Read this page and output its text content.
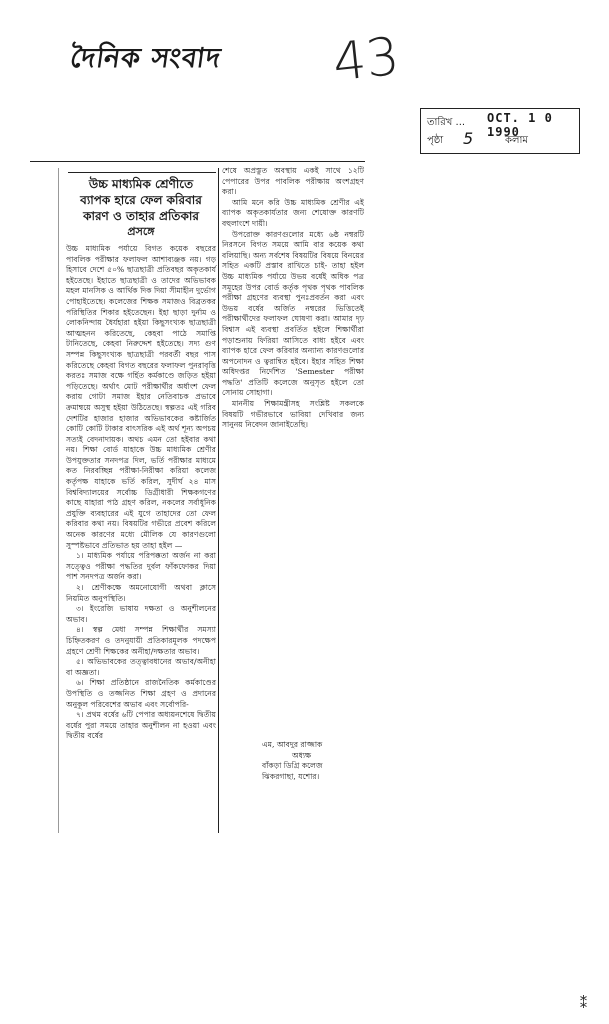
দৈনিক সংবাদ 43
তারিখ ... OCT. 1 0 1990
পৃষ্ঠা 5	কলাম
উচ্চ মাধ্যমিক শ্রেণীতে
ব্যাপক হারে ফেল করিবার
কারণ ও তাহার প্রতিকার
প্রসঙ্গে

উচ্চ মাধ্যমিক পর্যায়ে বিগত কয়েক বছরের পাবলিক পরীক্ষার ফলাফল আশাব্যঞ্জক নয়। গড় হিসাবে দেশে ৫০% ছাত্রছাত্রী প্রতিবছর অকৃতকার্য হইতেছে। ইহাতে ছাত্রছাত্রী ও তাদের অভিভাবক মহল মানসিক ও আর্থিক দিক দিয়া সীমাহীন দুর্ভোগ পোহাইতেছে। কলেজের শিক্ষক সমাজও বিব্রতকর পরিস্থিতির শিকার হইতেছেন। ইহা ছাড়া দুর্নাম ও লোকনিন্দায় ধৈর্যহারা হইয়া কিছুসংখ্যক ছাত্রছাত্রী আত্মহনন করিতেছে, কেহবা পাঠে সমাপ্তি টানিতেছে, কেহবা নিরুদ্দেশ হইতেছে। সদ্য গুণ সম্পন্ন কিছুসংখ্যক ছাত্রছাত্রী পরবর্তী বছর পাস করিতেছে কেহবা বিগত বছরের ফলাফল পুনরাবৃত্তি করতঃ সমাজ বক্ষে গর্হিত কর্মকাণ্ডে জড়িত হইয়া পড়িতেছে। অর্থাৎ মোট পরীক্ষার্থীর অর্ধাংশ ফেল করায় গোটা সমাজ ইহার নেতিবাচক প্রভাবে ক্রমাম্বয়ে অসুস্থ হইয়া উঠিতেছে। স্বল্পতঃ এই গরিব দেশটির হাজার হাজার অভিভাবকের কষ্টার্জিত কোটি কোটি টাকার বাৎসরিক এই অর্থ শূন্য অপচয় সত্যই বেদনাদায়ক। অথচ এমন তো হইবার কথা নয়। শিক্ষা বোর্ড যাহাকে উচ্চ মাধ্যমিক শ্রেণীর উপযুক্ততার সনদপত্র দিল, ভর্তি পরীক্ষার মাধ্যমে কত নিরবচ্ছিন্ন পরীক্ষা-নিরীক্ষা করিয়া কলেজ কর্তৃপক্ষ যাহাকে ভর্তি করিল, সুদীর্ঘ ২৪ মাস বিশ্ববিদ্যালয়ের সর্বোচ্চ ডিগ্রীধারী শিক্ষকগণের কাছে যাহারা পাঠ গ্রহণ করিল, নকলের সর্বাধুনিক প্রযুক্তি ব্যবহারের এই যুগে তাহাদের তো ফেল করিবার কথা নয়। বিষয়টির গভীরে প্রবেশ করিলে অনেক কারণের মধ্যে মৌলিক যে কারণগুলো সুস্পষ্টভাবে প্রতিভাত হয় তাহা হইল —

১। মাধ্যমিক পর্যায়ে পরিপক্কতা অর্জন না করা সত্ত্বেও পরীক্ষা পদ্ধতির দুর্বল ফাঁকফোকর দিয়া পাশ সনদপত্র অর্জন করা।

২। শ্রেণীকক্ষে অমনোযোগী অথবা ক্লাসে নিয়মিত অনুপস্থিতি।

৩। ইংরেজি ভাষায় দক্ষতা ও অনুশীলনের অভাব।

৪। স্বল্প মেধা সম্পন্ন শিক্ষার্থীর সমস্যা চিহ্নিতকরণ ও তদনুযায়ী প্রতিকারমূলক পদক্ষেপ গ্রহণে শ্রেণী শিক্ষকের অনীহা/দক্ষতার অভাব।

৫। অভিভাবকের তত্ত্বাবধানের অভাব/অনীহা বা অজ্ঞতা।

৬। শিক্ষা প্রতিষ্ঠানে রাজনৈতিক কর্মকাণ্ডের উপস্থিতি ও তজ্জনিত শিক্ষা গ্রহণ ও প্রদানের অনুকূল পরিবেশের অভাব এবং সর্বোপরি-

৭। প্রথম বর্ষের ৬টি পেপার অধ্যয়নশেষে দ্বিতীয় বর্ষের পুরা সময়ে তাহার অনুশীলন না হওয়া এবং দ্বিতীয় বর্ষের

শেষে অপ্রস্তুত অবস্থায় একই সাথে ১২টি পেপারের উপর পাবলিক পরীক্ষায় অংশগ্রহণ করা।

আমি মনে করি উচ্চ মাধ্যমিক শ্রেণীর এই ব্যাপক অকৃতকার্যতার জন্য শেষোক্ত কারণটি বহুলাংশে দায়ী।

উপরোক্ত কারণগুলোর মধ্যে ৬ষ্ঠ নম্বরটি নিরসনে বিগত সময়ে আমি বার কয়েক কথা বলিয়াছি। অন্য সর্বশেষ বিষয়টির বিষয়ে বিনয়ের সহিত একটি প্রস্তাব রাখিতে চাই- তাহা হইল উচ্চ মাধ্যমিক পর্যায়ে উভয় বর্ষেই অধিক পত্র সমূহের উপর বোর্ড কর্তৃক পৃথক পৃথক পাবলিক পরীক্ষা গ্রহণের ব্যবস্থা পুনঃপ্রবর্তন করা এবং উভয় বর্ষের অর্জিত নম্বরের ভিত্তিতেই পরীক্ষার্থীদের ফলাফল ঘোষণা করা। আমার দৃঢ় বিশ্বাস এই ব্যবস্থা প্রবর্তিত হইলে শিক্ষার্থীরা পড়াশুনায় ফিরিয়া আসিতে বাধ্য হইবে এবং ব্যাপক হারে ফেল করিবার অন্যান্য কারণগুলোর অপনোদন ও ত্বরান্বিত হইবে। ইহার সহিত শিক্ষা অধিদপ্তর নির্দেশিত 'Semester পরীক্ষা পদ্ধতি' প্রতিটি কলেজে অনুসৃত হইলে তো সোনায় সোহাগা।

মাননীয় শিক্ষামন্ত্রীসহ সংশ্লিষ্ট সকলকে বিষয়টি গভীরভাবে ভাবিয়া দেখিবার জন্য সানুনয় নিবেদন জানাইতেছি।

এম, আবদুর রাজ্জাক
অধ্যক্ষ
বাঁকড়া ডিগ্রি কলেজ
ঝিকরগাছা, যশোর।
⁑
